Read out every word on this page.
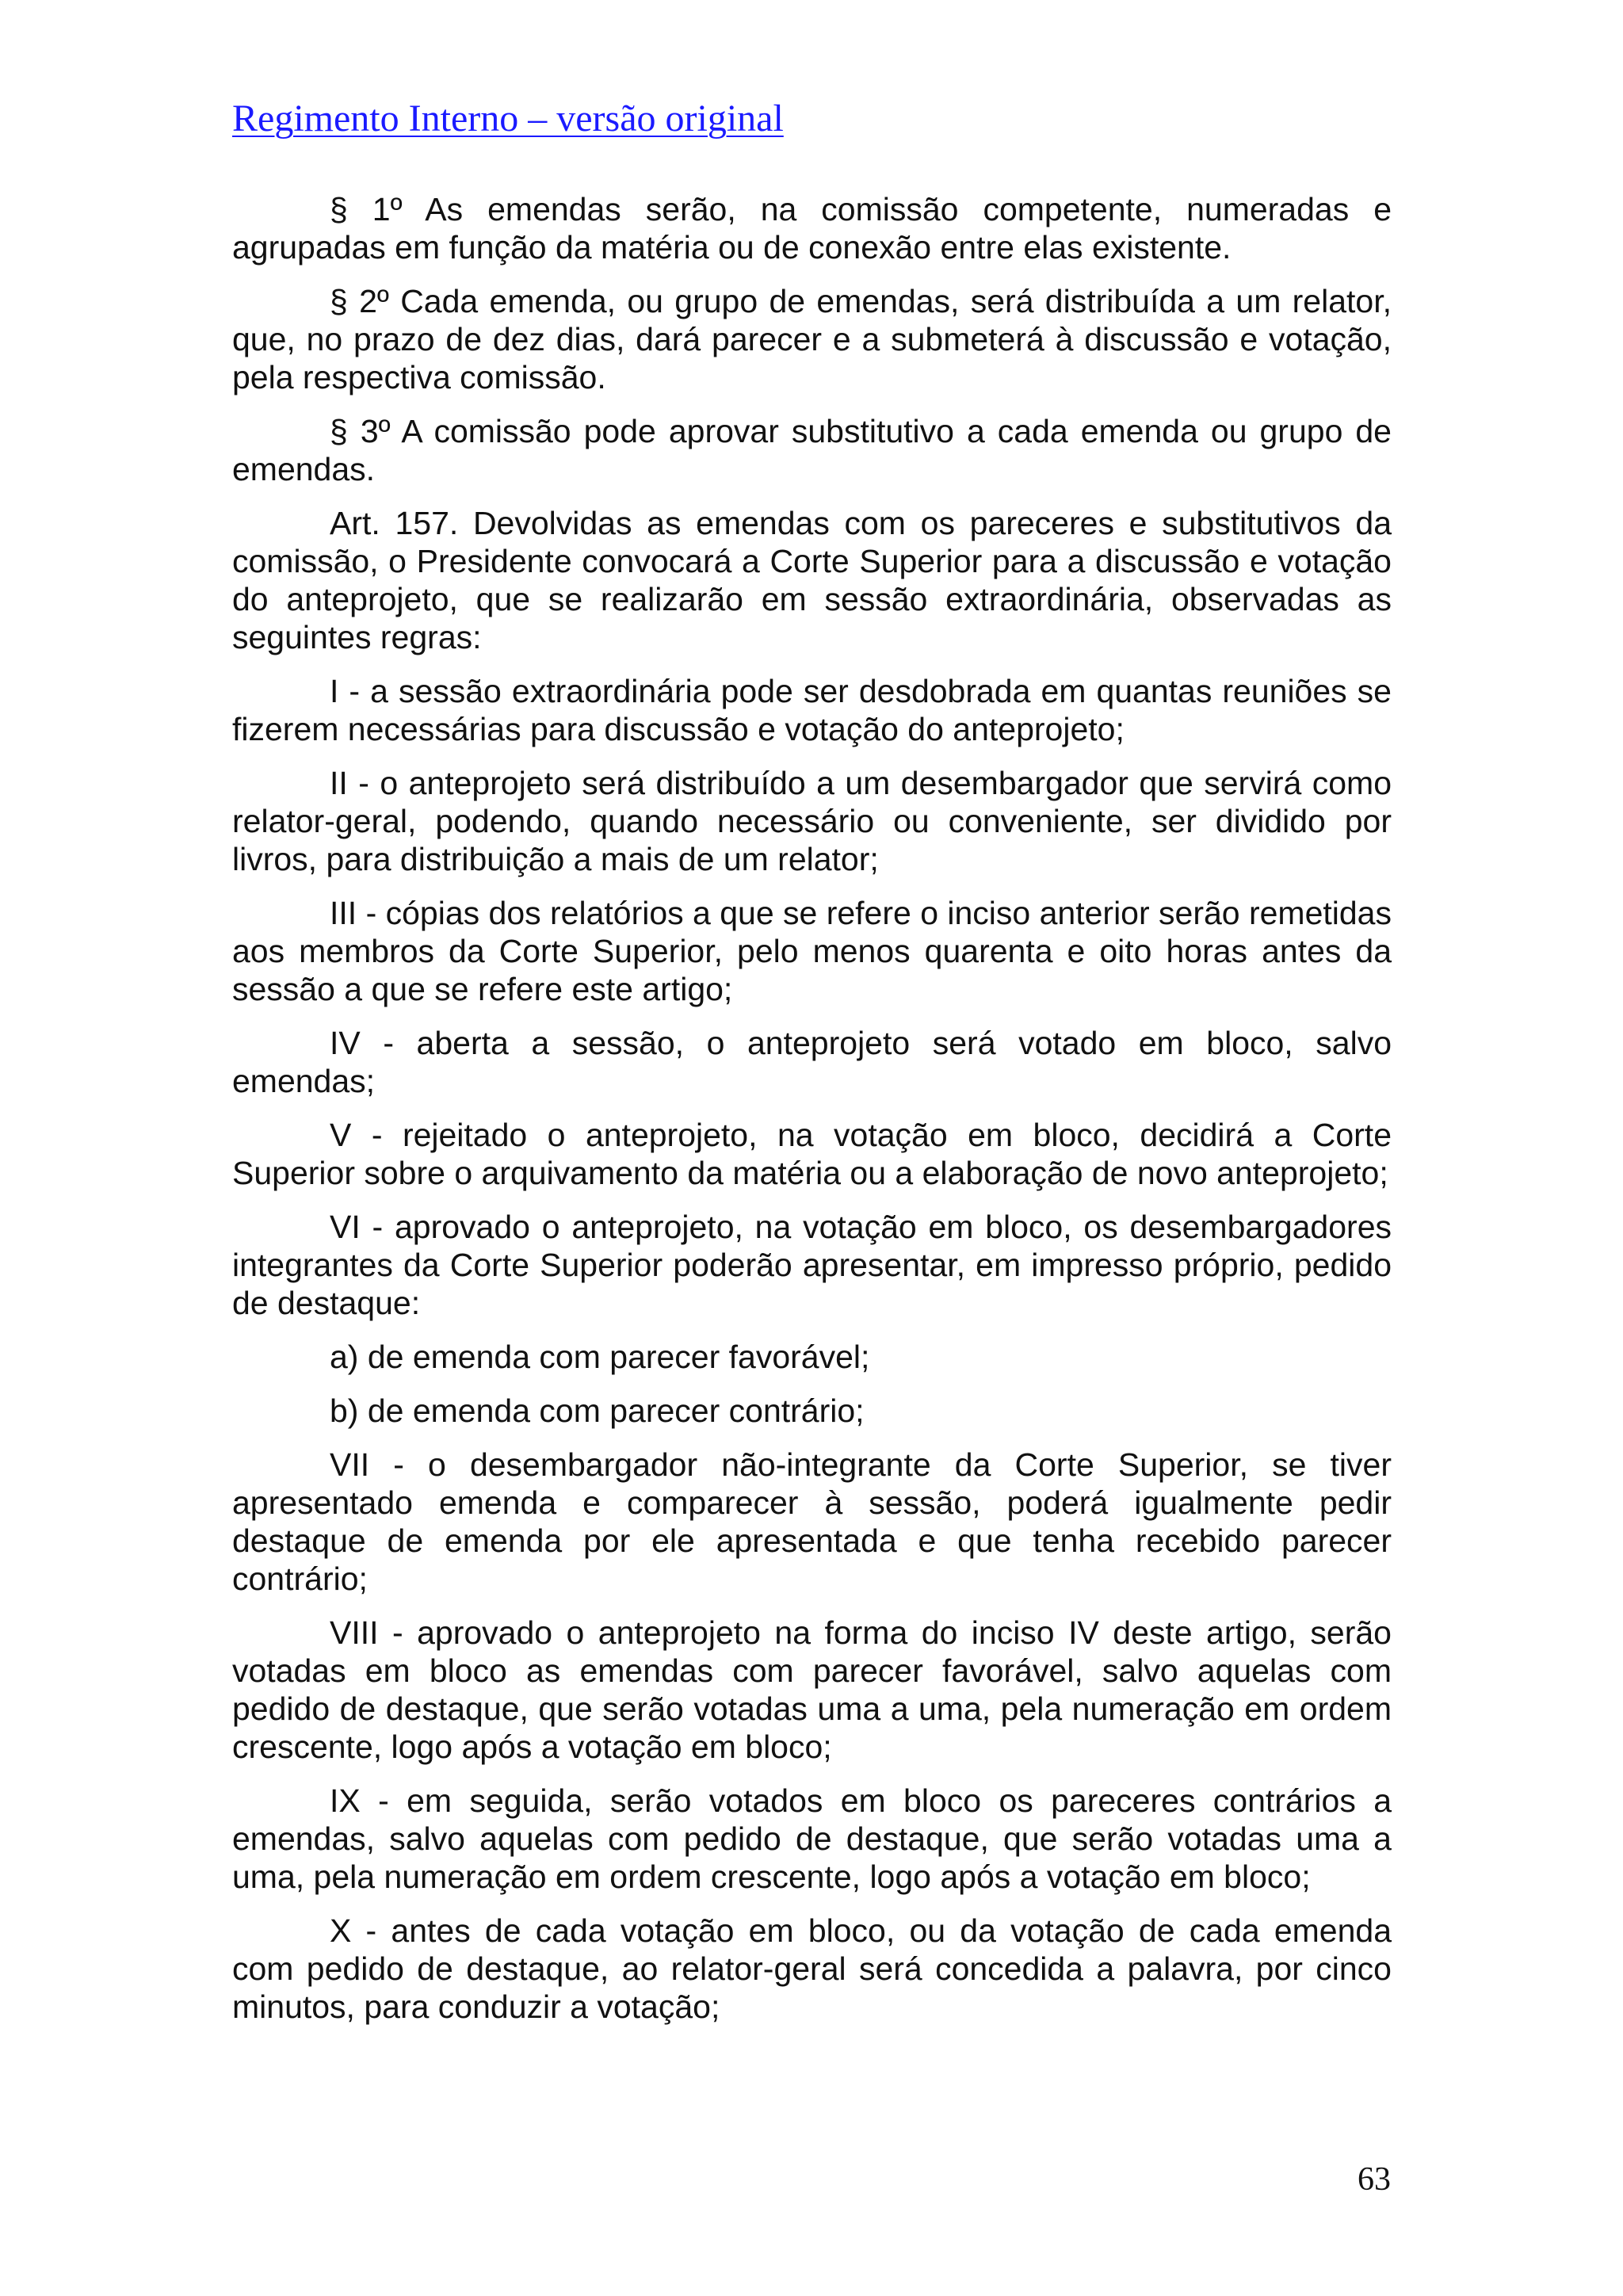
Regimento Interno – versão original

§ 1º As emendas serão, na comissão competente, numeradas e agrupadas em função da matéria ou de conexão entre elas existente.

§ 2º Cada emenda, ou grupo de emendas, será distribuída a um relator, que, no prazo de dez dias, dará parecer e a submeterá à discussão e votação, pela respectiva comissão.

§ 3º A comissão pode aprovar substitutivo a cada emenda ou grupo de emendas.

Art. 157. Devolvidas as emendas com os pareceres e substitutivos da comissão, o Presidente convocará a Corte Superior para a discussão e votação do anteprojeto, que se realizarão em sessão extraordinária, observadas as seguintes regras:

I - a sessão extraordinária pode ser desdobrada em quantas reuniões se fizerem necessárias para discussão e votação do anteprojeto;

II - o anteprojeto será distribuído a um desembargador que servirá como relator-geral, podendo, quando necessário ou conveniente, ser dividido por livros, para distribuição a mais de um relator;

III - cópias dos relatórios a que se refere o inciso anterior serão remetidas aos membros da Corte Superior, pelo menos quarenta e oito horas antes da sessão a que se refere este artigo;

IV - aberta a sessão, o anteprojeto será votado em bloco, salvo emendas;

V - rejeitado o anteprojeto, na votação em bloco, decidirá a Corte Superior sobre o arquivamento da matéria ou a elaboração de novo anteprojeto;

VI - aprovado o anteprojeto, na votação em bloco, os desembargadores integrantes da Corte Superior poderão apresentar, em impresso próprio, pedido de destaque:

a) de emenda com parecer favorável;

b) de emenda com parecer contrário;

VII - o desembargador não-integrante da Corte Superior, se tiver apresentado emenda e comparecer à sessão, poderá igualmente pedir destaque de emenda por ele apresentada e que tenha recebido parecer contrário;

VIII - aprovado o anteprojeto na forma do inciso IV deste artigo, serão votadas em bloco as emendas com parecer favorável, salvo aquelas com pedido de destaque, que serão votadas uma a uma, pela numeração em ordem crescente, logo após a votação em bloco;

IX - em seguida, serão votados em bloco os pareceres contrários a emendas, salvo aquelas com pedido de destaque, que serão votadas uma a uma, pela numeração em ordem crescente, logo após a votação em bloco;

X - antes de cada votação em bloco, ou da votação de cada emenda com pedido de destaque, ao relator-geral será concedida a palavra, por cinco minutos, para conduzir a votação;

63
